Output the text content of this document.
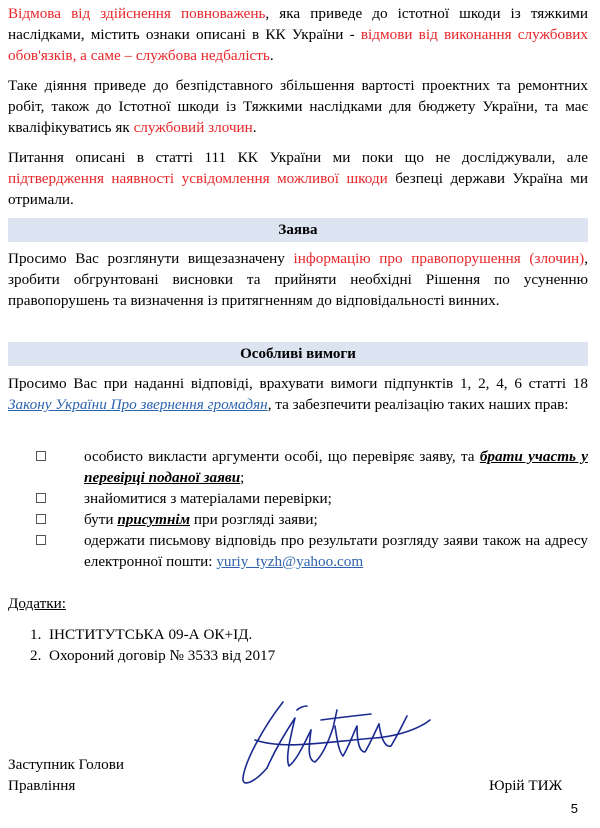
Відмова від здійснення повноважень, яка приведе до істотної шкоди із тяжкими наслідками, містить ознаки описані в КК України - відмови від виконання службових обов'язків, а саме – службова недбалість.

Таке діяння приведе до безпідставного збільшення вартості проектних та ремонтних робіт, також до Істотної шкоди із Тяжкими наслідками для бюджету України, та має кваліфікуватись як службовий злочин.

Питання описані в статті 111 КК України ми поки що не досліджували, але підтвердження наявності усвідомлення можливої шкоди безпеці держави Україна ми отримали.

Заява

Просимо Вас розглянути вищезазначену інформацію про правопорушення (злочин), зробити обгрунтовані висновки та прийняти необхідні Рішення по усуненню правопорушень та визначення із притягненням до відповідальності винних.

Особливі вимоги

Просимо Вас при наданні відповіді, врахувати вимоги підпунктів 1, 2, 4, 6 статті 18 Закону України Про звернення громадян, та забезпечити реалізацію таких наших прав:

особисто викласти аргументи особі, що перевіряє заяву, та брати участь у перевірці поданої заяви;
знайомитися з матеріалами перевірки;
бути присутнім при розгляді заяви;
одержати письмову відповідь про результати розгляду заяви також на адресу електронної пошти: yuriy_tyzh@yahoo.com
Додатки:
1. ІНСТИТУТСЬКА 09-А ОК+ІД.
2. Охороний договір № 3533 від 2017
Заступник Голови
Правління	Юрій ТИЖ
5
